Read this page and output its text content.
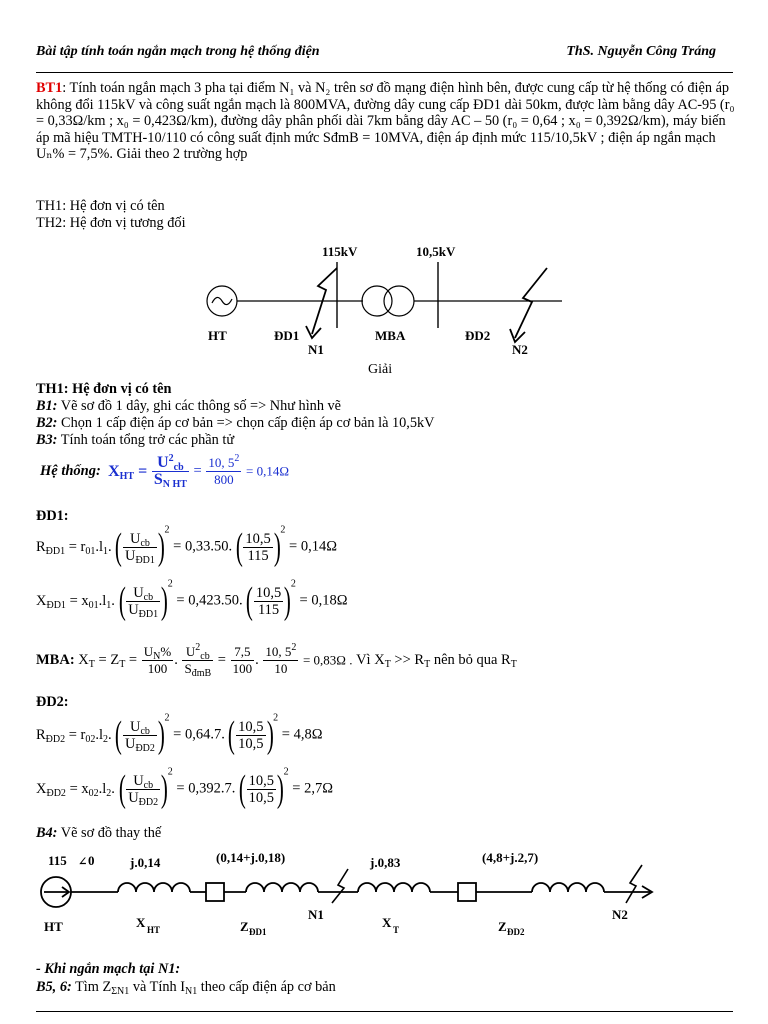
Bài tập tính toán ngắn mạch trong hệ thống điện	ThS. Nguyễn Công Tráng
BT1: Tính toán ngắn mạch 3 pha tại điểm N₁ và N₂ trên sơ đồ mạng điện hình bên, được cung cấp từ hệ thống có điện áp không đổi 115kV và công suất ngắn mạch là 800MVA, đường dây cung cấp ĐD1 dài 50km, được làm bằng dây AC-95 (r₀ = 0,33Ω/km ; x₀ = 0,423Ω/km), đường dây phân phối dài 7km bằng dây AC – 50 (r₀ = 0,64 ; x₀ = 0,392Ω/km), máy biến áp mã hiệu TMTH-10/110 có công suất định mức SđmB = 10MVA, điện áp định mức 115/10,5kV ; điện áp ngắn mạch Uₙ% = 7,5%. Giải theo 2 trường hợp
TH1: Hệ đơn vị có tên
TH2: Hệ đơn vị tương đối
115kV	10,5kV
HT	ĐD1
N1
MBA	ĐD2
N2
Giải
TH1: Hệ đơn vị có tên
B1: Vẽ sơ đồ 1 dây, ghi các thông số => Như hình vẽ
B2: Chọn 1 cấp điện áp cơ bản => chọn cấp điện áp cơ bản là 10,5kV
B3: Tính toán tổng trở các phần tử
Hệ thống: $X_{HT} = \frac{U^2_{cb}}{S_{N HT}} = \frac{10, 5^2}{800} = 0,14\Omega$
ĐD1:
$R_{ĐD1} = r_{01}.l_1$. ( $\frac{U_{cb}}{U_{ĐD1}} )^2 = 0,33.50$. ( $\frac{10,5}{115} )^2 = 0,14\Omega$
$X_{ĐD1} = x_{01}.l_1$. ( $\frac{U_{cb}}{U_{ĐD1}} )^2 = 0,423.50$. ( $\frac{10,5}{115} )^2 = 0,18\Omega$
MBA: $X_T = Z_T = \frac{U_N\%}{100}$ . $\frac{U^2_{cb}}{S_{đmB}} = \frac{7,5}{100}$ . $\frac{10, 5^2}{10} = 0,83\Omega$ . Vì $X_T >> R_T$ nên bỏ qua $R_T$
ĐD2:
$R_{ĐD2} = r_{02}.l_2$. ( $\frac{U_{cb}}{U_{ĐD2}} )^2 = 0,64.7$. ( $\frac{10,5}{10,5} )^2 = 4,8\Omega$
$X_{ĐD2} = x_{02}.l_2$. ( $\frac{U_{cb}}{U_{ĐD2}} )^2 = 0,392.7$. ( $\frac{10,5}{10,5} )^2 = 2,7\Omega$
B4: Vẽ sơ đồ thay thế
115 ∠ 0	j.0,14	(0,14+j.0,18)	j.0,83	(4,8+j.2,7)
HT	X HT	Z ĐD1
N1
X T	Z ĐD2
N2
- Khi ngắn mạch tại N1:
B5, 6: Tìm $Z_{\Sigma N1}$ và Tính $I_{N1}$ theo cấp điện áp cơ bản
